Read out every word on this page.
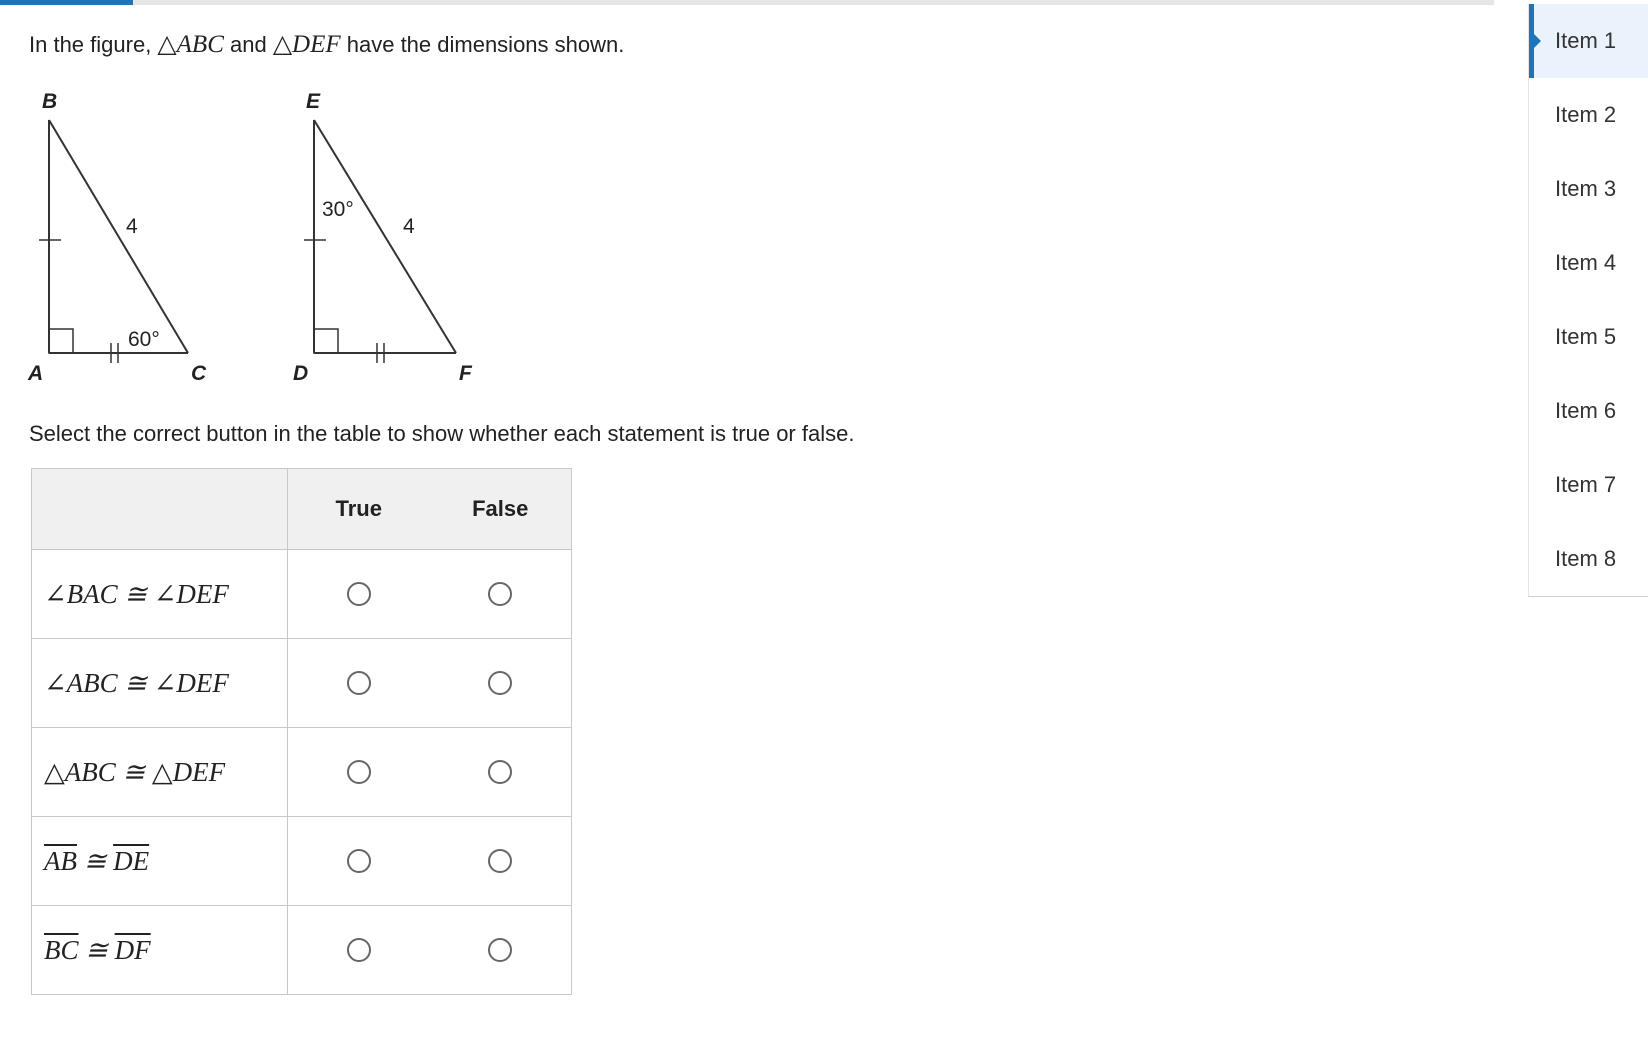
In the figure, △ABC and △DEF have the dimensions shown.
B
A	C
4
60°
E
D	F
4
30°
Select the correct button in the table to show whether each statement is true or false.

	True False

∠BAC ≅ ∠DEF	

∠ABC ≅ ∠DEF	

△ABC ≅ △DEF	

$\overline{AB}$ ≅ $\overline{DE}$	

$\overline{BC}$ ≅ $\overline{DF}$	
Item 1
Item 2
Item 3
Item 4
Item 5
Item 6
Item 7
Item 8
